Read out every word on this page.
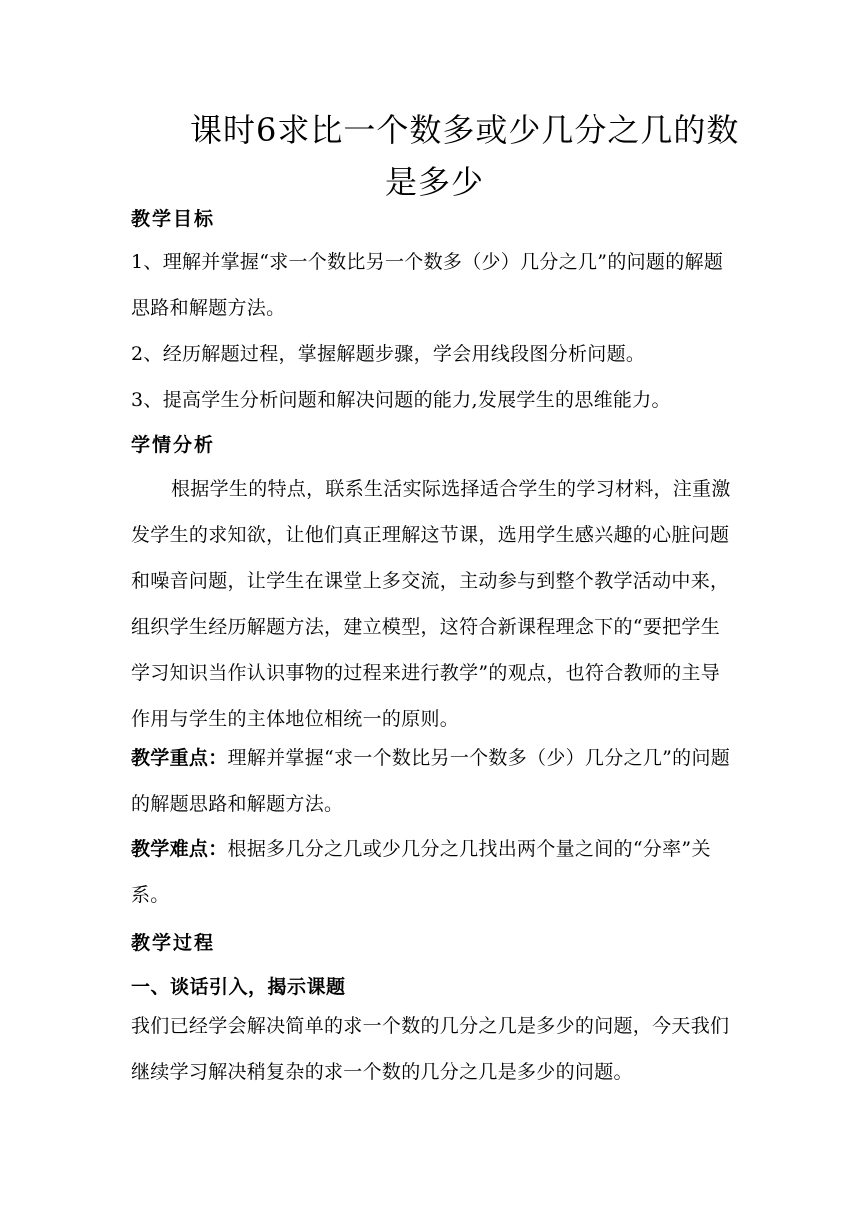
课时6求比一个数多或少几分之几的数
是多少
教学目标
1、理解并掌握“求一个数比另一个数多（少）几分之几”的问题的解题思路和解题方法。
2、经历解题过程，掌握解题步骤，学会用线段图分析问题。
3、提高学生分析问题和解决问题的能力,发展学生的思维能力。
学情分析
根据学生的特点，联系生活实际选择适合学生的学习材料，注重激发学生的求知欲，让他们真正理解这节课，选用学生感兴趣的心脏问题和噪音问题，让学生在课堂上多交流，主动参与到整个教学活动中来，组织学生经历解题方法，建立模型，这符合新课程理念下的“要把学生学习知识当作认识事物的过程来进行教学”的观点，也符合教师的主导作用与学生的主体地位相统一的原则。
教学重点：理解并掌握“求一个数比另一个数多（少）几分之几”的问题的解题思路和解题方法。
教学难点：根据多几分之几或少几分之几找出两个量之间的“分率”关系。
教学过程
一、谈话引入，揭示课题
我们已经学会解决简单的求一个数的几分之几是多少的问题，今天我们继续学习解决稍复杂的求一个数的几分之几是多少的问题。
